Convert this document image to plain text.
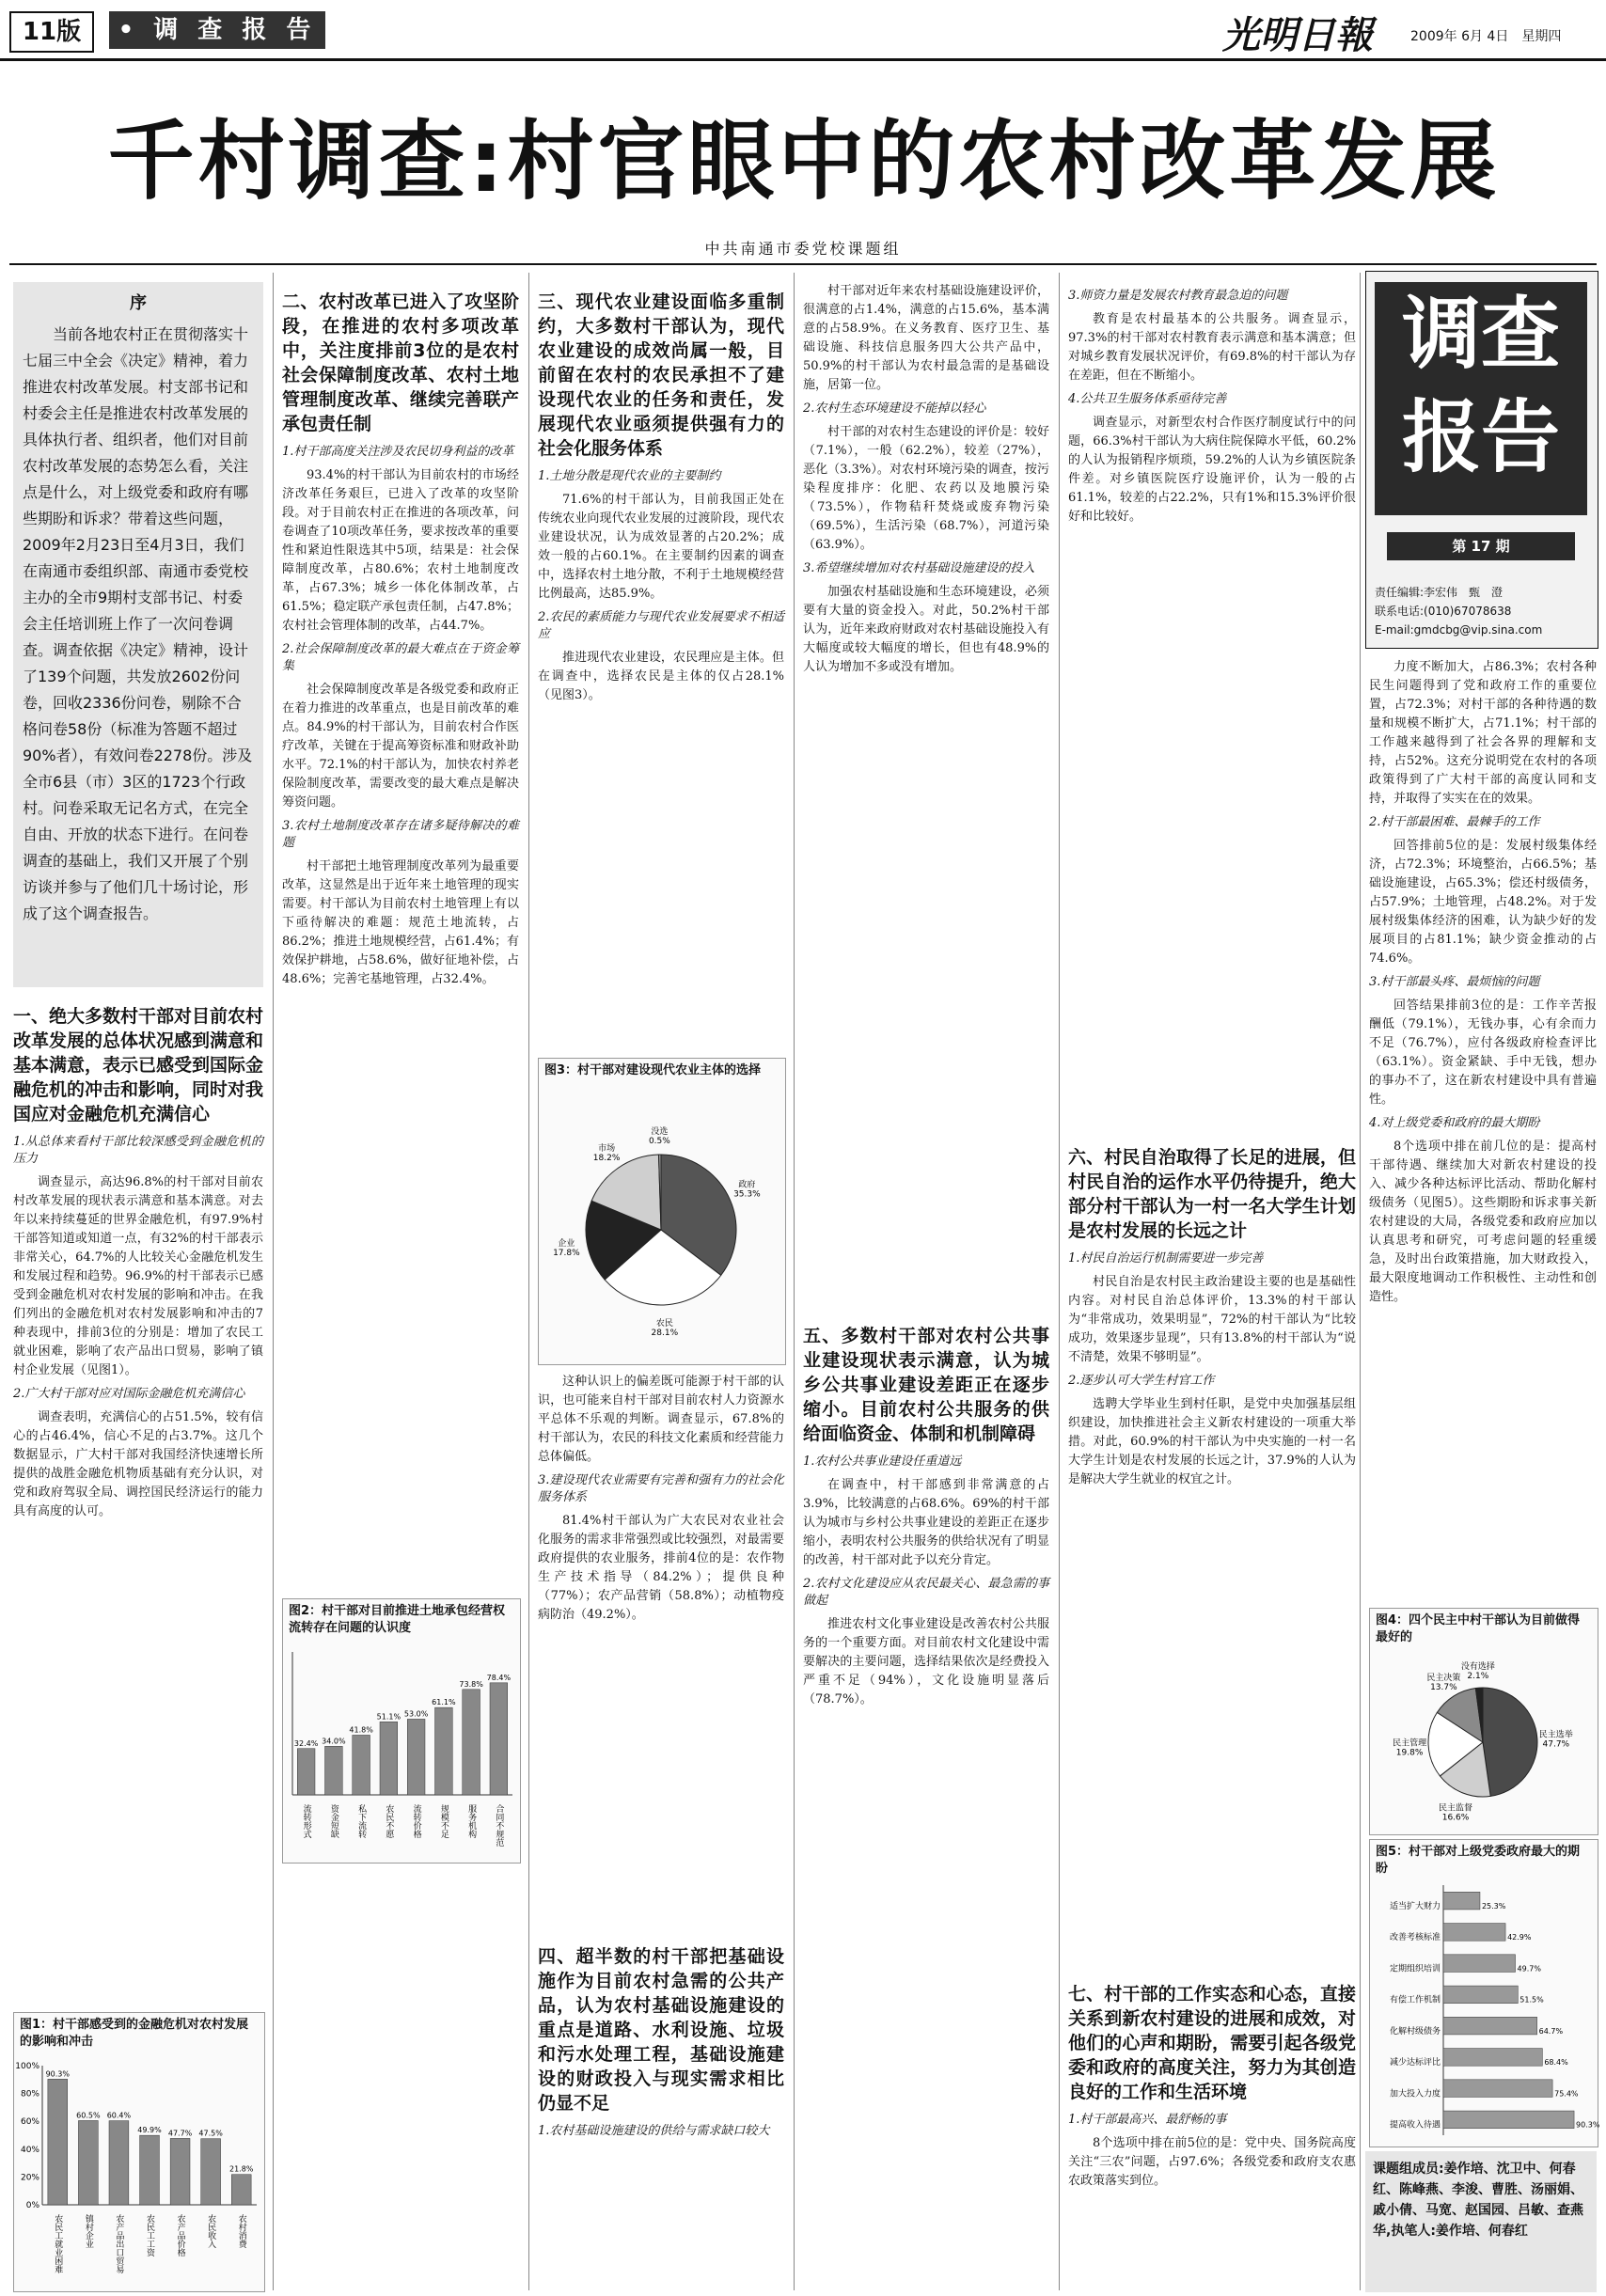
11版	• 调 查 报 告 •
光明日報	2009年 6月 4日　星期四
千村调查:村官眼中的农村改革发展
中共南通市委党校课题组
序
当前各地农村正在贯彻落实十七届三中全会《决定》精神，着力推进农村改革发展。村支部书记和村委会主任是推进农村改革发展的具体执行者、组织者，他们对目前农村改革发展的态势怎么看，关注点是什么，对上级党委和政府有哪些期盼和诉求？带着这些问题，2009年2月23日至4月3日，我们在南通市委组织部、南通市委党校主办的全市9期村支部书记、村委会主任培训班上作了一次问卷调查。调查依据《决定》精神，设计了139个问题，共发放2602份问卷，回收2336份问卷，剔除不合格问卷58份（标准为答题不超过90%者），有效问卷2278份。涉及全市6县（市）3区的1723个行政村。问卷采取无记名方式，在完全自由、开放的状态下进行。在问卷调查的基础上，我们又开展了个别访谈并参与了他们几十场讨论，形成了这个调查报告。
一、绝大多数村干部对目前农村改革发展的总体状况感到满意和基本满意，表示已感受到国际金融危机的冲击和影响，同时对我国应对金融危机充满信心
1.从总体来看村干部比较深感受到金融危机的压力

调查显示，高达96.8%的村干部对目前农村改革发展的现状表示满意和基本满意。对去年以来持续蔓延的世界金融危机，有97.9%村干部答知道或知道一点，有32%的村干部表示非常关心，64.7%的人比较关心金融危机发生和发展过程和趋势。96.9%的村干部表示已感受到金融危机对农村发展的影响和冲击。在我们列出的金融危机对农村发展影响和冲击的7种表现中，排前3位的分别是：增加了农民工就业困难，影响了农产品出口贸易，影响了镇村企业发展（见图1）。

2.广大村干部对应对国际金融危机充满信心

调查表明，充满信心的占51.5%，较有信心的占46.4%，信心不足的占3.7%。这几个数据显示，广大村干部对我国经济快速增长所提供的战胜金融危机物质基础有充分认识，对党和政府驾驭全局、调控国民经济运行的能力具有高度的认可。

图1：村干部感受到的金融危机对农村发展的影响和冲击
0%
20%
40%
60%
80%
100%
90.3%
农民工就业困难
60.5%
镇村企业
60.4%
农产品出口贸易
49.9%
农民工工资
47.7%
农产品价格
47.5%
农民收入
21.8%
农村消费
二、农村改革已进入了攻坚阶段，在推进的农村多项改革中，关注度排前3位的是农村社会保障制度改革、农村土地管理制度改革、继续完善联产承包责任制
1.村干部高度关注涉及农民切身利益的改革

93.4%的村干部认为目前农村的市场经济改革任务艰巨，已进入了改革的攻坚阶段。对于目前农村正在推进的各项改革，问卷调查了10项改革任务，要求按改革的重要性和紧迫性限选其中5项，结果是：社会保障制度改革，占80.6%；农村土地制度改革，占67.3%；城乡一体化体制改革，占61.5%；稳定联产承包责任制，占47.8%；农村社会管理体制的改革，占44.7%。

2.社会保障制度改革的最大难点在于资金筹集

社会保障制度改革是各级党委和政府正在着力推进的改革重点，也是目前改革的难点。84.9%的村干部认为，目前农村合作医疗改革，关键在于提高筹资标准和财政补助水平。72.1%的村干部认为，加快农村养老保险制度改革，需要改变的最大难点是解决筹资问题。

3.农村土地制度改革存在诸多疑待解决的难题

村干部把土地管理制度改革列为最重要改革，这显然是出于近年来土地管理的现实需要。村干部认为目前农村土地管理上有以下亟待解决的难题：规范土地流转，占86.2%；推进土地规模经营，占61.4%；有效保护耕地，占58.6%，做好征地补偿，占48.6%；完善宅基地管理，占32.4%。

图2：村干部对目前推进土地承包经营权流转存在问题的认识度
32.4%
流转形式
34.0%
资金短缺
41.8%
私下流转
51.1%
农民不愿
53.0%
流转价格
61.1%
规模不足
73.8%
服务机构
78.4%
合同不规范
三、现代农业建设面临多重制约，大多数村干部认为，现代农业建设的成效尚属一般，目前留在农村的农民承担不了建设现代农业的任务和责任，发展现代农业亟须提供强有力的社会化服务体系
1.土地分散是现代农业的主要制约

71.6%的村干部认为，目前我国正处在传统农业向现代农业发展的过渡阶段，现代农业建设状况，认为成效显著的占20.2%；成效一般的占60.1%。在主要制约因素的调查中，选择农村土地分散，不利于土地规模经营比例最高，达85.9%。

2.农民的素质能力与现代农业发展要求不相适应

推进现代农业建设，农民理应是主体。但在调查中，选择农民是主体的仅占28.1%（见图3）。

图3：村干部对建设现代农业主体的选择
政府
35.3%
农民
28.1%
企业
17.8%
市场
18.2%
没选
0.5%

这种认识上的偏差既可能源于村干部的认识，也可能来自村干部对目前农村人力资源水平总体不乐观的判断。调查显示，67.8%的村干部认为，农民的科技文化素质和经营能力总体偏低。

3.建设现代农业需要有完善和强有力的社会化服务体系

81.4%村干部认为广大农民对农业社会化服务的需求非常强烈或比较强烈，对最需要政府提供的农业服务，排前4位的是：农作物生产技术指导（84.2%）；提供良种（77%）；农产品营销（58.8%）；动植物疫病防治（49.2%）。

四、超半数的村干部把基础设施作为目前农村急需的公共产品，认为农村基础设施建设的重点是道路、水利设施、垃圾和污水处理工程，基础设施建设的财政投入与现实需求相比仍显不足
1.农村基础设施建设的供给与需求缺口较大

村干部对近年来农村基础设施建设评价，很满意的占1.4%，满意的占15.6%，基本满意的占58.9%。在义务教育、医疗卫生、基础设施、科技信息服务四大公共产品中，50.9%的村干部认为农村最急需的是基础设施，居第一位。

2.农村生态环境建设不能掉以轻心

村干部的对农村生态建设的评价是：较好（7.1%），一般（62.2%），较差（27%），恶化（3.3%）。对农村环境污染的调查，按污染程度排序：化肥、农药以及地膜污染（73.5%），作物秸秆焚烧或废弃物污染（69.5%），生活污染（68.7%），河道污染（63.9%）。

3.希望继续增加对农村基础设施建设的投入

加强农村基础设施和生态环境建设，必须要有大量的资金投入。对此，50.2%村干部认为，近年来政府财政对农村基础设施投入有大幅度或较大幅度的增长，但也有48.9%的人认为增加不多或没有增加。

五、多数村干部对农村公共事业建设现状表示满意，认为城乡公共事业建设差距正在逐步缩小。目前农村公共服务的供给面临资金、体制和机制障碍
1.农村公共事业建设任重道远

在调查中，村干部感到非常满意的占3.9%，比较满意的占68.6%。69%的村干部认为城市与乡村公共事业建设的差距正在逐步缩小，表明农村公共服务的供给状况有了明显的改善，村干部对此予以充分肯定。

2.农村文化建设应从农民最关心、最急需的事做起

推进农村文化事业建设是改善农村公共服务的一个重要方面。对目前农村文化建设中需要解决的主要问题，选择结果依次是经费投入严重不足（94%），文化设施明显落后（78.7%）。

3.师资力量是发展农村教育最急迫的问题

教育是农村最基本的公共服务。调查显示，97.3%的村干部对农村教育表示满意和基本满意；但对城乡教育发展状况评价，有69.8%的村干部认为存在差距，但在不断缩小。

4.公共卫生服务体系亟待完善

调查显示，对新型农村合作医疗制度试行中的问题，66.3%村干部认为大病住院保障水平低，60.2%的人认为报销程序烦琐，59.2%的人认为乡镇医院条件差。对乡镇医院医疗设施评价，认为一般的占61.1%，较差的占22.2%，只有1%和15.3%评价很好和比较好。

六、村民自治取得了长足的进展，但村民自治的运作水平仍待提升，绝大部分村干部认为一村一名大学生计划是农村发展的长远之计
1.村民自治运行机制需要进一步完善

村民自治是农村民主政治建设主要的也是基础性内容。对村民自治总体评价，13.3%的村干部认为“非常成功，效果明显”，72%的村干部认为“比较成功，效果逐步显现”，只有13.8%的村干部认为“说不清楚，效果不够明显”。

2.逐步认可大学生村官工作

选聘大学毕业生到村任职，是党中央加强基层组织建设，加快推进社会主义新农村建设的一项重大举措。对此，60.9%的村干部认为中央实施的一村一名大学生计划是农村发展的长远之计，37.9%的人认为是解决大学生就业的权宜之计。

七、村干部的工作实态和心态，直接关系到新农村建设的进展和成效，对他们的心声和期盼，需要引起各级党委和政府的高度关注，努力为其创造良好的工作和生活环境
1.村干部最高兴、最舒畅的事

8个选项中排在前5位的是：党中央、国务院高度关注“三农”问题，占97.6%；各级党委和政府支农惠农政策落实到位。

调查报告
第 17 期
责任编辑:李宏伟　甄　澄
联系电话:(010)67078638
E-mail:gmdcbg@vip.sina.com

力度不断加大，占86.3%；农村各种民生问题得到了党和政府工作的重要位置，占72.3%；对村干部的各种待遇的数量和规模不断扩大，占71.1%；村干部的工作越来越得到了社会各界的理解和支持，占52%。这充分说明党在农村的各项政策得到了广大村干部的高度认同和支持，并取得了实实在在的效果。

2.村干部最困难、最棘手的工作

回答排前5位的是：发展村级集体经济，占72.3%；环境整治，占66.5%；基础设施建设，占65.3%；偿还村级债务，占57.9%；土地管理，占48.2%。对于发展村级集体经济的困难，认为缺少好的发展项目的占81.1%；缺少资金推动的占74.6%。

3.村干部最头疼、最烦恼的问题

回答结果排前3位的是：工作辛苦报酬低（79.1%），无钱办事，心有余而力不足（76.7%），应付各级政府检查评比（63.1%）。资金紧缺、手中无钱，想办的事办不了，这在新农村建设中具有普遍性。

4.对上级党委和政府的最大期盼

8个选项中排在前几位的是：提高村干部待遇、继续加大对新农村建设的投入、减少各种达标评比活动、帮助化解村级债务（见图5）。这些期盼和诉求事关新农村建设的大局，各级党委和政府应加以认真思考和研究，可考虑问题的轻重缓急，及时出台政策措施，加大财政投入，最大限度地调动工作积极性、主动性和创造性。

图4：四个民主中村干部认为目前做得最好的
民主选举
47.7%
民主监督
16.6%
民主管理
19.8%
民主决策
13.7%
没有选择
2.1%
图5：村干部对上级党委政府最大的期盼
25.3%
适当扩大财力
42.9%
改善考核标准
49.7%
定期组织培训
51.5%
有偿工作机制
64.7%
化解村级债务
68.4%
减少达标评比
75.4%
加大投入力度
90.3%
提高收入待遇
课题组成员:姜作培、沈卫中、何春红、陈峰燕、李浚、曹胜、汤丽娟、戚小倩、马宽、赵国园、吕敏、查燕华,执笔人:姜作培、何春红
